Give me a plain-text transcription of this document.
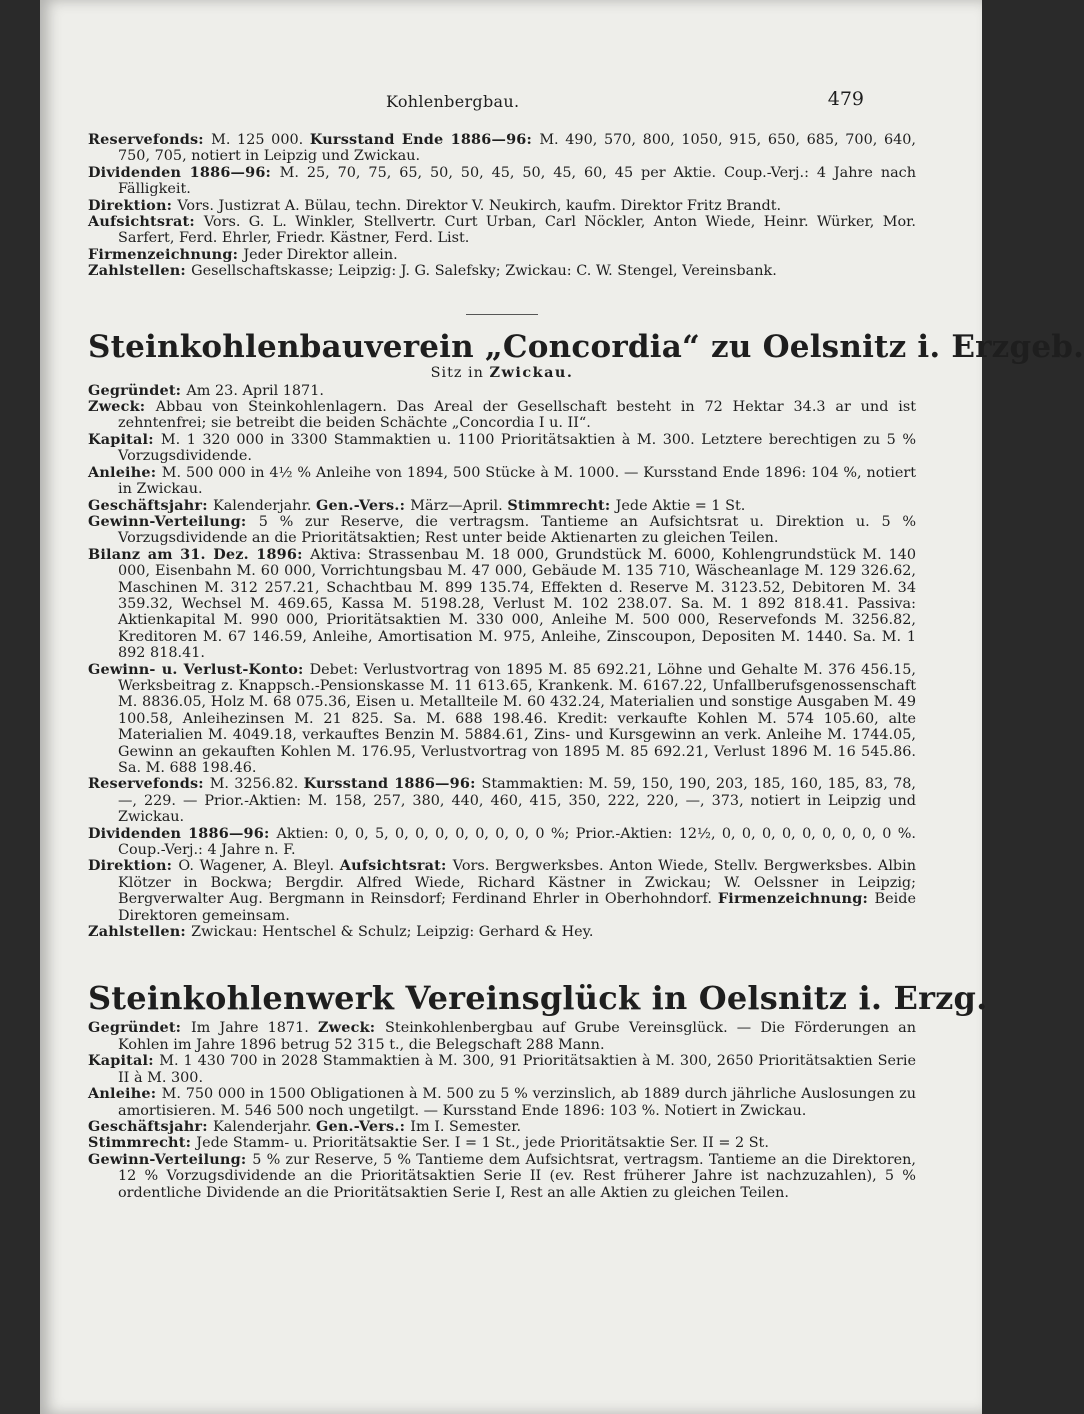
Kohlenbergbau.	479

Reservefonds: M. 125 000. Kursstand Ende 1886—96: M. 490, 570, 800, 1050, 915, 650, 685, 700, 640, 750, 705, notiert in Leipzig und Zwickau.

Dividenden 1886—96: M. 25, 70, 75, 65, 50, 50, 45, 50, 45, 60, 45 per Aktie. Coup.-Verj.: 4 Jahre nach Fälligkeit.

Direktion: Vors. Justizrat A. Bülau, techn. Direktor V. Neukirch, kaufm. Direktor Fritz Brandt.

Aufsichtsrat: Vors. G. L. Winkler, Stellvertr. Curt Urban, Carl Nöckler, Anton Wiede, Heinr. Würker, Mor. Sarfert, Ferd. Ehrler, Friedr. Kästner, Ferd. List.

Firmenzeichnung: Jeder Direktor allein.

Zahlstellen: Gesellschaftskasse; Leipzig: J. G. Salefsky; Zwickau: C. W. Stengel, Vereinsbank.

Steinkohlenbauverein „Concordia“ zu Oelsnitz i. Erzgeb.

Sitz in Zwickau.

Gegründet: Am 23. April 1871.

Zweck: Abbau von Steinkohlenlagern. Das Areal der Gesellschaft besteht in 72 Hektar 34.3 ar und ist zehntenfrei; sie betreibt die beiden Schächte „Concordia I u. II“.

Kapital: M. 1 320 000 in 3300 Stammaktien u. 1100 Prioritätsaktien à M. 300. Letztere berechtigen zu 5 % Vorzugsdividende.

Anleihe: M. 500 000 in 4½ % Anleihe von 1894, 500 Stücke à M. 1000. — Kursstand Ende 1896: 104 %, notiert in Zwickau.

Geschäftsjahr: Kalenderjahr. Gen.-Vers.: März—April. Stimmrecht: Jede Aktie = 1 St.

Gewinn-Verteilung: 5 % zur Reserve, die vertragsm. Tantieme an Aufsichtsrat u. Direktion u. 5 % Vorzugsdividende an die Prioritätsaktien; Rest unter beide Aktienarten zu gleichen Teilen.

Bilanz am 31. Dez. 1896: Aktiva: Strassenbau M. 18 000, Grundstück M. 6000, Kohlengrundstück M. 140 000, Eisenbahn M. 60 000, Vorrichtungsbau M. 47 000, Gebäude M. 135 710, Wäscheanlage M. 129 326.62, Maschinen M. 312 257.21, Schachtbau M. 899 135.74, Effekten d. Reserve M. 3123.52, Debitoren M. 34 359.32, Wechsel M. 469.65, Kassa M. 5198.28, Verlust M. 102 238.07. Sa. M. 1 892 818.41. Passiva: Aktienkapital M. 990 000, Prioritätsaktien M. 330 000, Anleihe M. 500 000, Reservefonds M. 3256.82, Kreditoren M. 67 146.59, Anleihe, Amortisation M. 975, Anleihe, Zinscoupon, Depositen M. 1440. Sa. M. 1 892 818.41.

Gewinn- u. Verlust-Konto: Debet: Verlustvortrag von 1895 M. 85 692.21, Löhne und Gehalte M. 376 456.15, Werksbeitrag z. Knappsch.-Pensionskasse M. 11 613.65, Krankenk. M. 6167.22, Unfallberufsgenossenschaft M. 8836.05, Holz M. 68 075.36, Eisen u. Metallteile M. 60 432.24, Materialien und sonstige Ausgaben M. 49 100.58, Anleihezinsen M. 21 825. Sa. M. 688 198.46. Kredit: verkaufte Kohlen M. 574 105.60, alte Materialien M. 4049.18, verkauftes Benzin M. 5884.61, Zins- und Kursgewinn an verk. Anleihe M. 1744.05, Gewinn an gekauften Kohlen M. 176.95, Verlustvortrag von 1895 M. 85 692.21, Verlust 1896 M. 16 545.86. Sa. M. 688 198.46.

Reservefonds: M. 3256.82. Kursstand 1886—96: Stammaktien: M. 59, 150, 190, 203, 185, 160, 185, 83, 78, —, 229. — Prior.-Aktien: M. 158, 257, 380, 440, 460, 415, 350, 222, 220, —, 373, notiert in Leipzig und Zwickau.

Dividenden 1886—96: Aktien: 0, 0, 5, 0, 0, 0, 0, 0, 0, 0, 0 %; Prior.-Aktien: 12½, 0, 0, 0, 0, 0, 0, 0, 0, 0 %. Coup.-Verj.: 4 Jahre n. F.

Direktion: O. Wagener, A. Bleyl. Aufsichtsrat: Vors. Bergwerksbes. Anton Wiede, Stellv. Bergwerksbes. Albin Klötzer in Bockwa; Bergdir. Alfred Wiede, Richard Kästner in Zwickau; W. Oelssner in Leipzig; Bergverwalter Aug. Bergmann in Reinsdorf; Ferdinand Ehrler in Oberhohndorf. Firmenzeichnung: Beide Direktoren gemeinsam.

Zahlstellen: Zwickau: Hentschel & Schulz; Leipzig: Gerhard & Hey.

Steinkohlenwerk Vereinsglück in Oelsnitz i. Erzg.

Gegründet: Im Jahre 1871. Zweck: Steinkohlenbergbau auf Grube Vereinsglück. — Die Förderungen an Kohlen im Jahre 1896 betrug 52 315 t., die Belegschaft 288 Mann.

Kapital: M. 1 430 700 in 2028 Stammaktien à M. 300, 91 Prioritätsaktien à M. 300, 2650 Prioritätsaktien Serie II à M. 300.

Anleihe: M. 750 000 in 1500 Obligationen à M. 500 zu 5 % verzinslich, ab 1889 durch jährliche Auslosungen zu amortisieren. M. 546 500 noch ungetilgt. — Kursstand Ende 1896: 103 %. Notiert in Zwickau.

Geschäftsjahr: Kalenderjahr. Gen.-Vers.: Im I. Semester.

Stimmrecht: Jede Stamm- u. Prioritätsaktie Ser. I = 1 St., jede Prioritätsaktie Ser. II = 2 St.

Gewinn-Verteilung: 5 % zur Reserve, 5 % Tantieme dem Aufsichtsrat, vertragsm. Tantieme an die Direktoren, 12 % Vorzugsdividende an die Prioritätsaktien Serie II (ev. Rest früherer Jahre ist nachzuzahlen), 5 % ordentliche Dividende an die Prioritätsaktien Serie I, Rest an alle Aktien zu gleichen Teilen.
